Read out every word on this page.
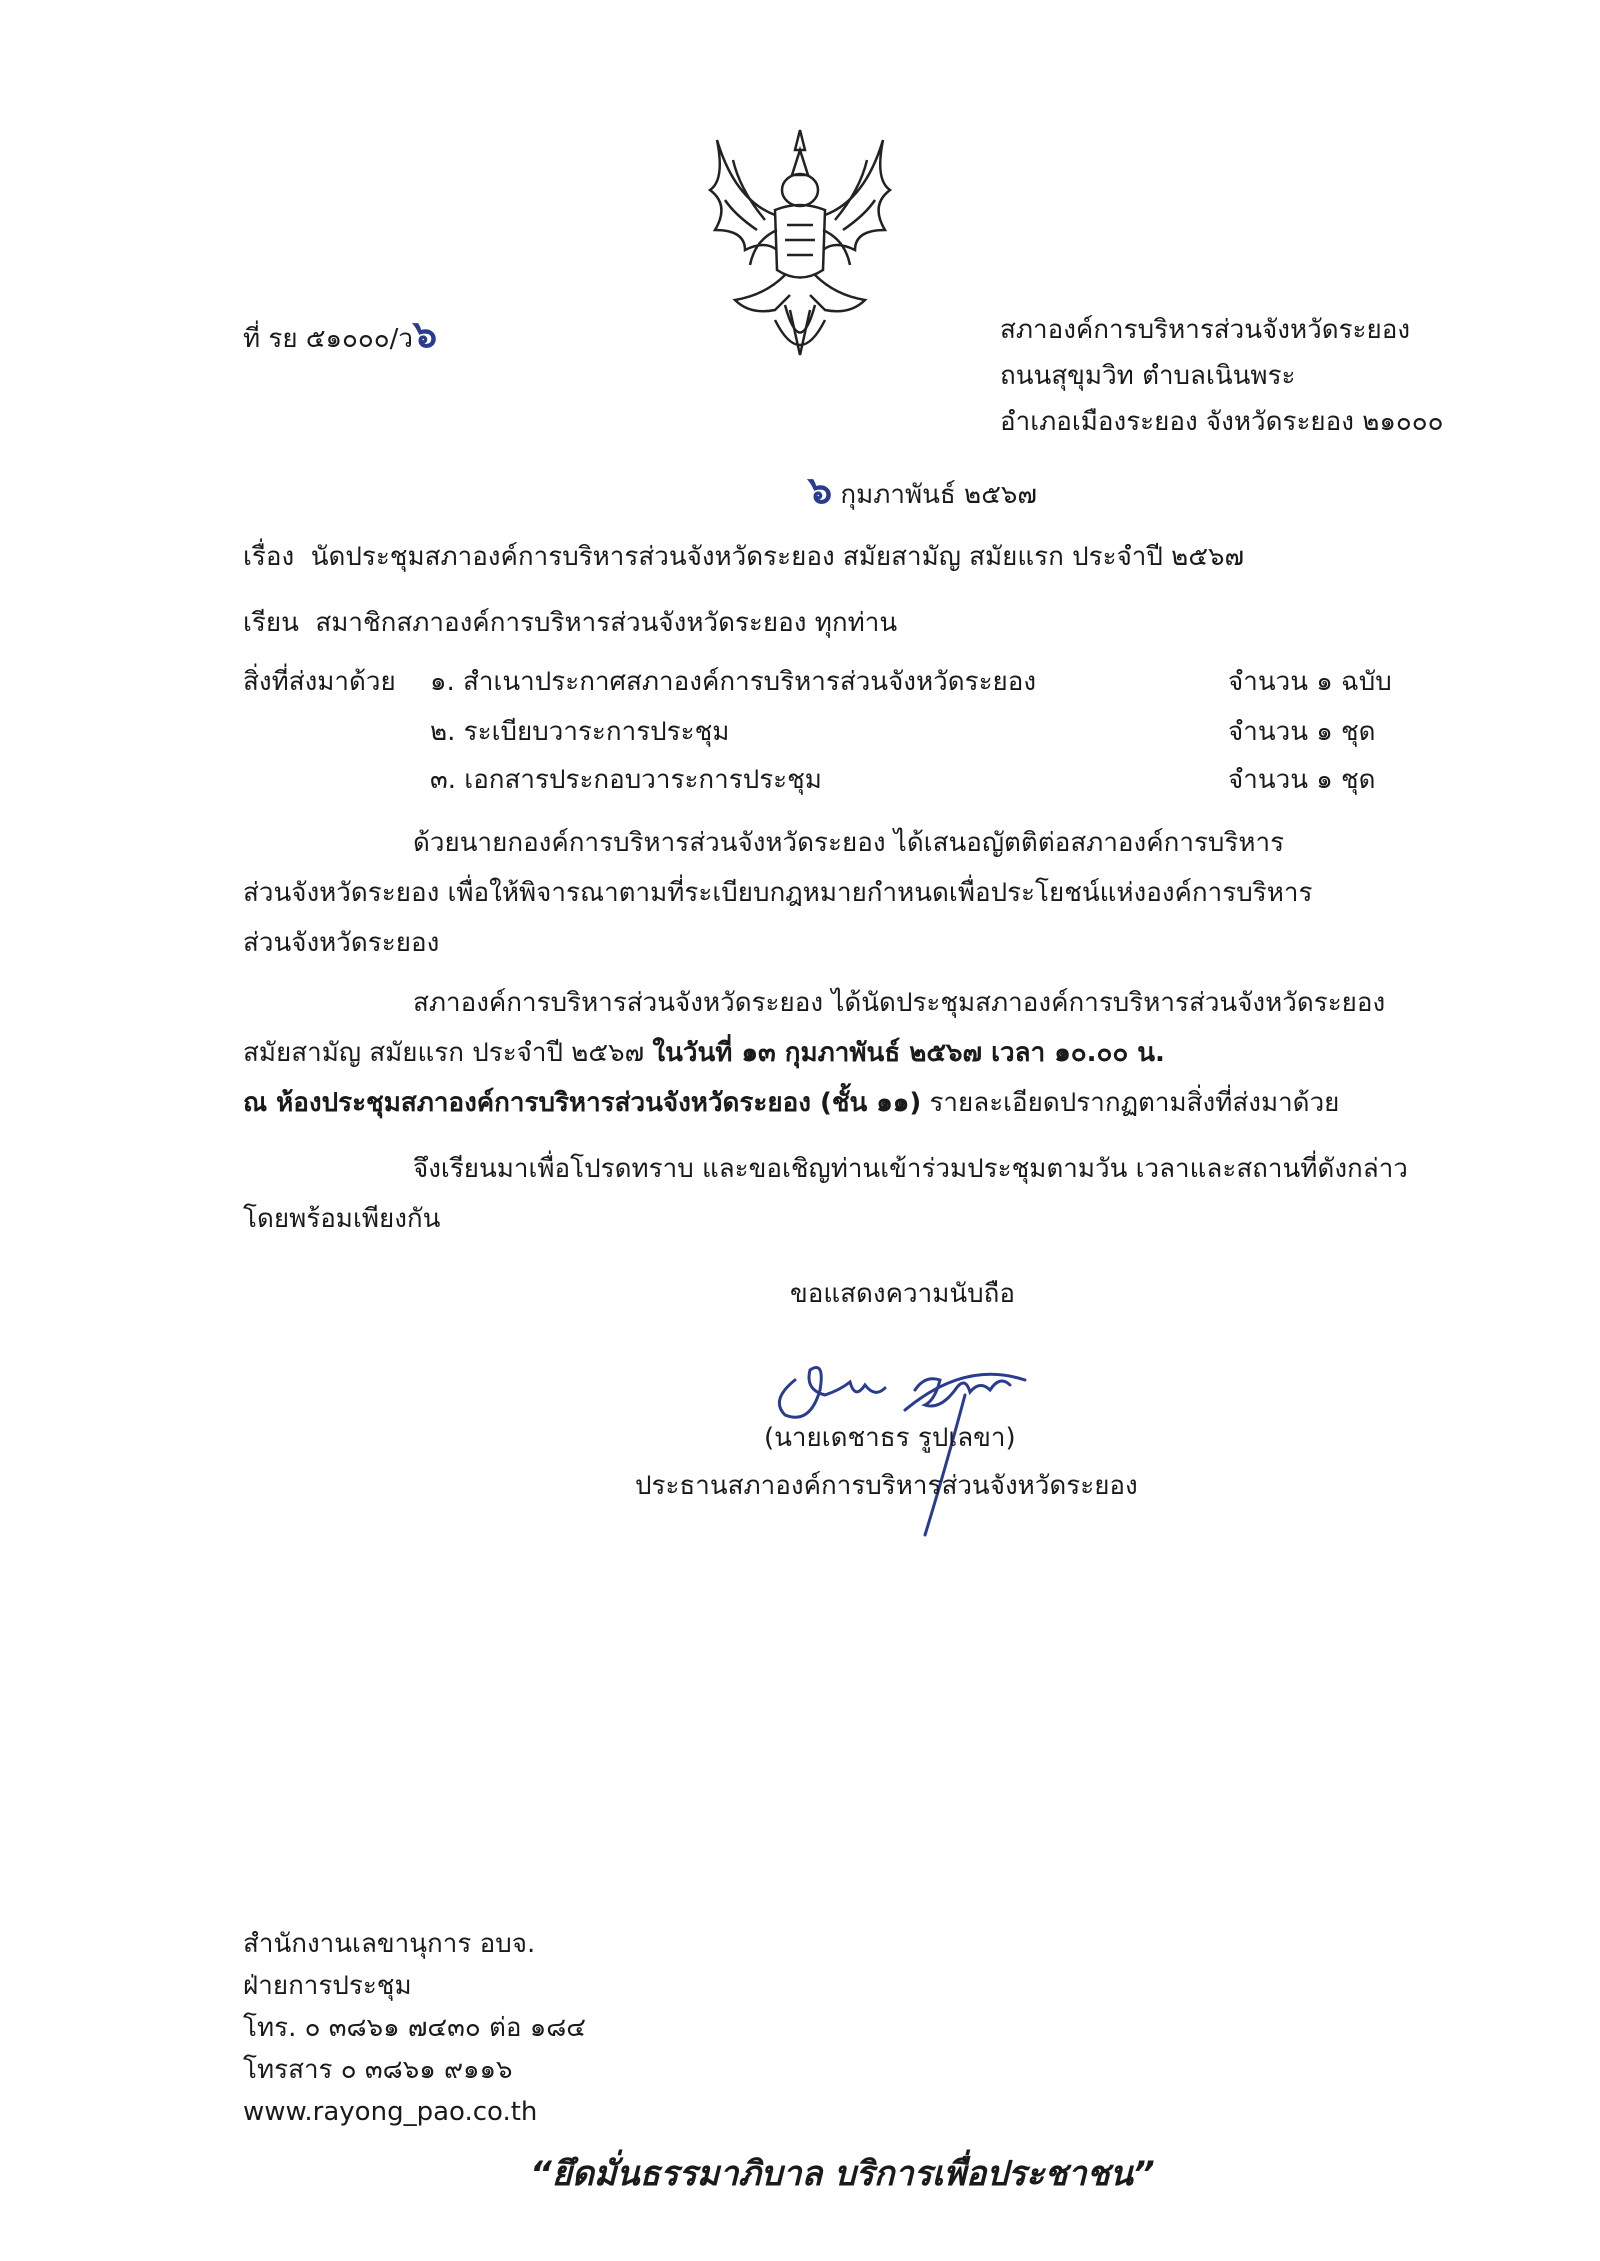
ที่ รย ๕๑๐๐๐/ว๖	สภาองค์การบริหารส่วนจังหวัดระยอง
ถนนสุขุมวิท ตำบลเนินพระ
อำเภอเมืองระยอง จังหวัดระยอง ๒๑๐๐๐
๖ กุมภาพันธ์ ๒๕๖๗
เรื่อง นัดประชุมสภาองค์การบริหารส่วนจังหวัดระยอง สมัยสามัญ สมัยแรก ประจำปี ๒๕๖๗
เรียน สมาชิกสภาองค์การบริหารส่วนจังหวัดระยอง ทุกท่าน
สิ่งที่ส่งมาด้วย ๑. สำเนาประกาศสภาองค์การบริหารส่วนจังหวัดระยอง	จำนวน ๑ ฉบับ
๒. ระเบียบวาระการประชุม	จำนวน ๑ ชุด
๓. เอกสารประกอบวาระการประชุม	จำนวน ๑ ชุด

ด้วยนายกองค์การบริหารส่วนจังหวัดระยอง ได้เสนอญัตติต่อสภาองค์การบริหาร

ส่วนจังหวัดระยอง เพื่อให้พิจารณาตามที่ระเบียบกฎหมายกำหนดเพื่อประโยชน์แห่งองค์การบริหาร

ส่วนจังหวัดระยอง

สภาองค์การบริหารส่วนจังหวัดระยอง ได้นัดประชุมสภาองค์การบริหารส่วนจังหวัดระยอง

สมัยสามัญ สมัยแรก ประจำปี ๒๕๖๗ ในวันที่ ๑๓ กุมภาพันธ์ ๒๕๖๗ เวลา ๑๐.๐๐ น.

ณ ห้องประชุมสภาองค์การบริหารส่วนจังหวัดระยอง (ชั้น ๑๑) รายละเอียดปรากฏตามสิ่งที่ส่งมาด้วย

จึงเรียนมาเพื่อโปรดทราบ และขอเชิญท่านเข้าร่วมประชุมตามวัน เวลาและสถานที่ดังกล่าว

โดยพร้อมเพียงกัน

ขอแสดงความนับถือ
(นายเดชาธร รูปเลขา)
ประธานสภาองค์การบริหารส่วนจังหวัดระยอง
สำนักงานเลขานุการ อบจ.
ฝ่ายการประชุม
โทร. ๐ ๓๘๖๑ ๗๔๓๐ ต่อ ๑๘๔
โทรสาร ๐ ๓๘๖๑ ๙๑๑๖
www.rayong_pao.co.th
“ยึดมั่นธรรมาภิบาล บริการเพื่อประชาชน”
